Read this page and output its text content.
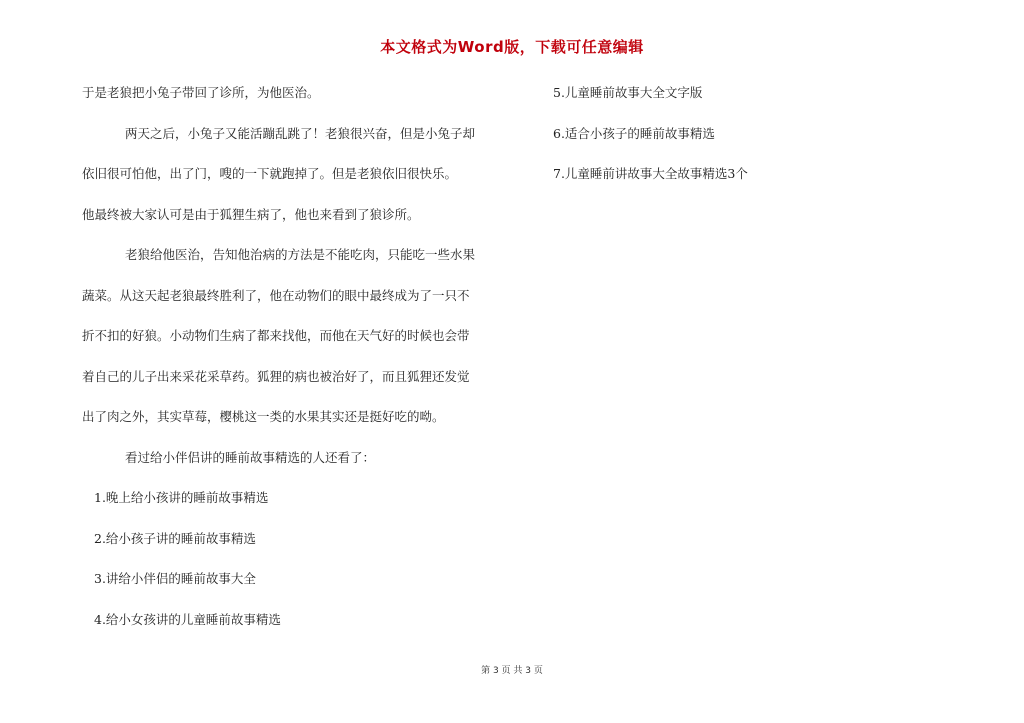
本文格式为Word版，下载可任意编辑
于是老狼把小兔子带回了诊所，为他医治。
两天之后，小兔子又能活蹦乱跳了！老狼很兴奋，但是小兔子却
依旧很可怕他，出了门，嗖的一下就跑掉了。但是老狼依旧很快乐。
他最终被大家认可是由于狐狸生病了，他也来看到了狼诊所。
老狼给他医治，告知他治病的方法是不能吃肉，只能吃一些水果
蔬菜。从这天起老狼最终胜利了，他在动物们的眼中最终成为了一只不
折不扣的好狼。小动物们生病了都来找他，而他在天气好的时候也会带
着自己的儿子出来采花采草药。狐狸的病也被治好了，而且狐狸还发觉
出了肉之外，其实草莓，樱桃这一类的水果其实还是挺好吃的呦。
看过给小伴侣讲的睡前故事精选的人还看了：
1.晚上给小孩讲的睡前故事精选
2.给小孩子讲的睡前故事精选
3.讲给小伴侣的睡前故事大全
4.给小女孩讲的儿童睡前故事精选
5.儿童睡前故事大全文字版
6.适合小孩子的睡前故事精选
7.儿童睡前讲故事大全故事精选3个
第 3 页 共 3 页
